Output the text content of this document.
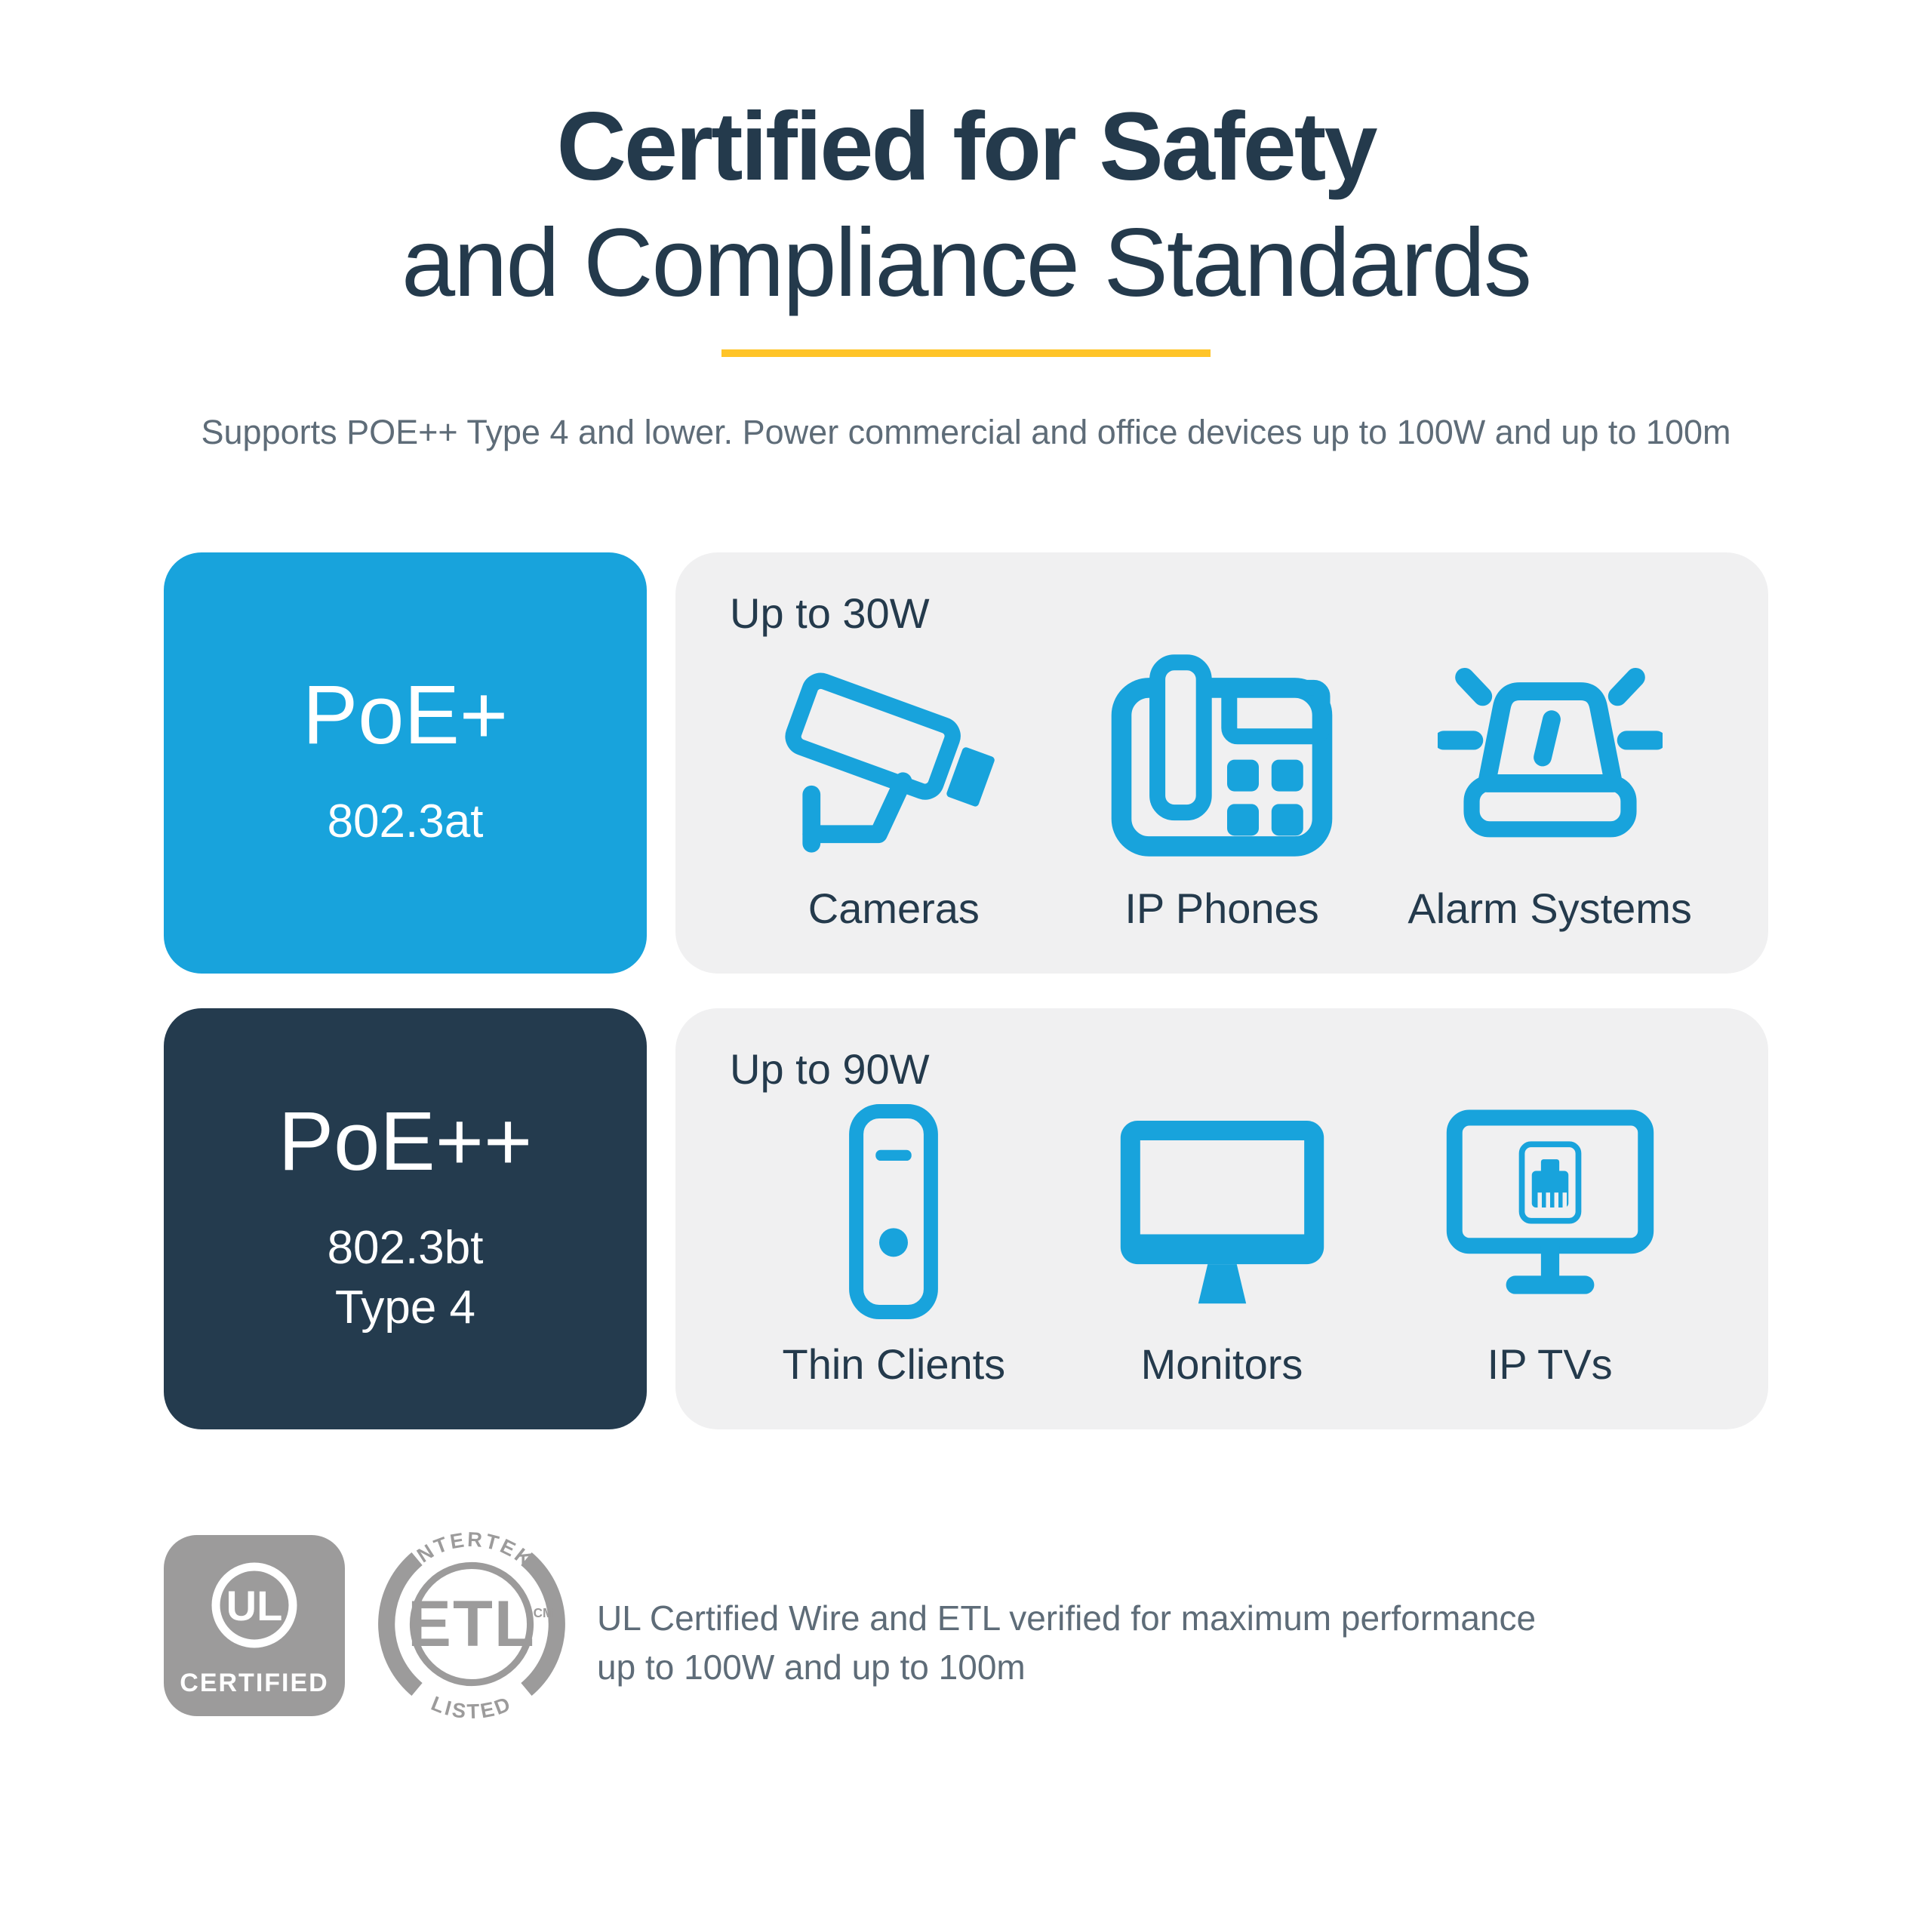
Certified for Safety
and Compliance Standards
Supports POE++ Type 4 and lower. Power commercial and office devices up to 100W and up to 100m
PoE+
802.3at
Up to 30W
Cameras	IP Phones Alarm Systems
PoE++
802.3bt
Type 4
Up to 90W
Thin Clients	Monitors	IP TVs
UL
CERTIFIED
ETL
INTERTEK
LISTED
CM UL Certified Wire and ETL verified for maximum performance
up to 100W and up to 100m
